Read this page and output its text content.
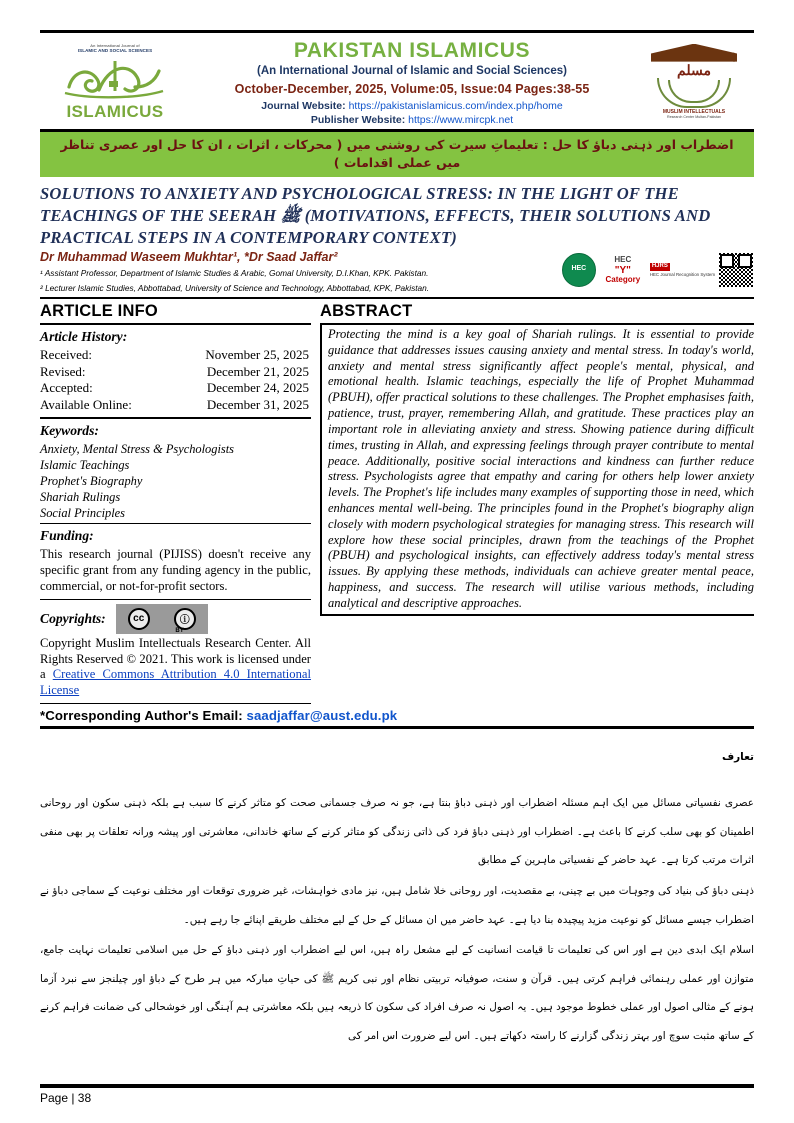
An International Journal of
ISLAMIC AND SOCIAL SCIENCES
ISLAMICUS
PAKISTAN ISLAMICUS
(An International Journal of Islamic and Social Sciences)
October-December, 2025, Volume:05, Issue:04 Pages:38-55
Journal Website: https://pakistanislamicus.com/index.php/home
Publisher Website: https://www.mircpk.net
مسلم
MUSLIM INTELLECTUALS
Research Center Multan-Pakistan
اضطراب اور ذہنی دباؤ کا حل : تعلیماتِ سیرت کی روشنی میں ( محرکات ، اثرات ، ان کا حل اور عصری تناظر میں عملی اقدامات )
SOLUTIONS TO ANXIETY AND PSYCHOLOGICAL STRESS: IN THE LIGHT OF THE TEACHINGS OF THE SEERAH ﷺ (MOTIVATIONS, EFFECTS, THEIR SOLUTIONS AND PRACTICAL STEPS IN A CONTEMPORARY CONTEXT)
Dr Muhammad Waseem Mukhtar¹, *Dr Saad Jaffar²
¹ Assistant Professor, Department of Islamic Studies & Arabic, Gomal University, D.I.Khan, KPK. Pakistan.
² Lecturer Islamic Studies, Abbottabad, University of Science and Technology, Abbottabad, KPK, Pakistan.
HEC
HEC
"Y"
Category
HJRS
HEC Journal Recognition System
ARTICLE INFO
Article History:
Received:	November 25, 2025
Revised:	December 21, 2025
Accepted:	December 24, 2025
Available Online:	December 31, 2025
Keywords:
Anxiety, Mental Stress & Psychologists
Islamic Teachings
Prophet's Biography
Shariah Rulings
Social Principles
Funding:
This research journal (PIJISS) doesn't receive any specific grant from any funding agency in the public, commercial, or not-for-profit sectors.
Copyrights:	cc	ⓘ
BY
Copyright Muslim Intellectuals Research Center. All Rights Reserved © 2021. This work is licensed under a Creative Commons Attribution 4.0 International License
ABSTRACT
Protecting the mind is a key goal of Shariah rulings. It is essential to provide guidance that addresses issues causing anxiety and mental stress. In today's world, anxiety and mental stress significantly affect people's mental, physical, and emotional health. Islamic teachings, especially the life of Prophet Muhammad (PBUH), offer practical solutions to these challenges. The Prophet emphasises faith, patience, trust, prayer, remembering Allah, and gratitude. These practices play an important role in alleviating anxiety and stress. Showing patience during difficult times, trusting in Allah, and expressing feelings through prayer contribute to mental peace. Additionally, positive social interactions and kindness can further reduce stress. Psychologists agree that empathy and caring for others help lower anxiety levels. The Prophet's life includes many examples of supporting those in need, which enhances mental well-being. The principles found in the Prophet's biography align closely with modern psychological strategies for managing stress. This research will explore how these social principles, drawn from the teachings of the Prophet (PBUH) and psychological insights, can effectively address today's mental stress issues. By applying these methods, individuals can achieve greater mental peace, happiness, and success. The research will utilise various methods, including analytical and descriptive approaches.
*Corresponding Author's Email: saadjaffar@aust.edu.pk
تعارف

عصری نفسیاتی مسائل میں ایک اہم مسئلہ اضطراب اور ذہنی دباؤ بنتا ہے، جو نہ صرف جسمانی صحت کو متاثر کرنے کا سبب ہے بلکہ ذہنی سکون اور روحانی اطمینان کو بھی سلب کرنے کا باعث ہے۔ اضطراب اور ذہنی دباؤ فرد کی ذاتی زندگی کو متاثر کرنے کے ساتھ خاندانی، معاشرتی اور پیشہ ورانہ تعلقات پر بھی منفی اثرات مرتب کرتا ہے۔ عہد حاضر کے نفسیاتی ماہرین کے مطابق

ذہنی دباؤ کی بنیاد کی وجوہات میں بے چینی، بے مقصدیت، اور روحانی خلا شامل ہیں، نیز مادی خواہشات، غیر ضروری توقعات اور مختلف نوعیت کے سماجی دباؤ نے اضطراب جیسے مسائل کو نوعیت مزید پیچیدہ بنا دیا ہے۔ عہد حاضر میں ان مسائل کے حل کے لیے مختلف طریقے اپنائے جا رہے ہیں۔

اسلام ایک ابدی دین ہے اور اس کی تعلیمات تا قیامت انسانیت کے لیے مشعل راہ ہیں، اس لیے اضطراب اور ذہنی دباؤ کے حل میں اسلامی تعلیمات نہایت جامع، متوازن اور عملی رہنمائی فراہم کرتی ہیں۔ قرآن و سنت، صوفیانہ تربیتی نظام اور نبی کریم ﷺ کی حیاتِ مبارکہ میں ہر طرح کے دباؤ اور چیلنجز سے نبرد آزما ہونے کے مثالی اصول اور عملی خطوط موجود ہیں۔ یہ اصول نہ صرف افراد کی سکون کا ذریعہ ہیں بلکہ معاشرتی ہم آہنگی اور خوشحالی کی ضمانت فراہم کرنے کے ساتھ مثبت سوچ اور بہتر زندگی گزارنے کا راستہ دکھاتے ہیں۔ اس لیے ضرورت اس امر کی

Page | 38
